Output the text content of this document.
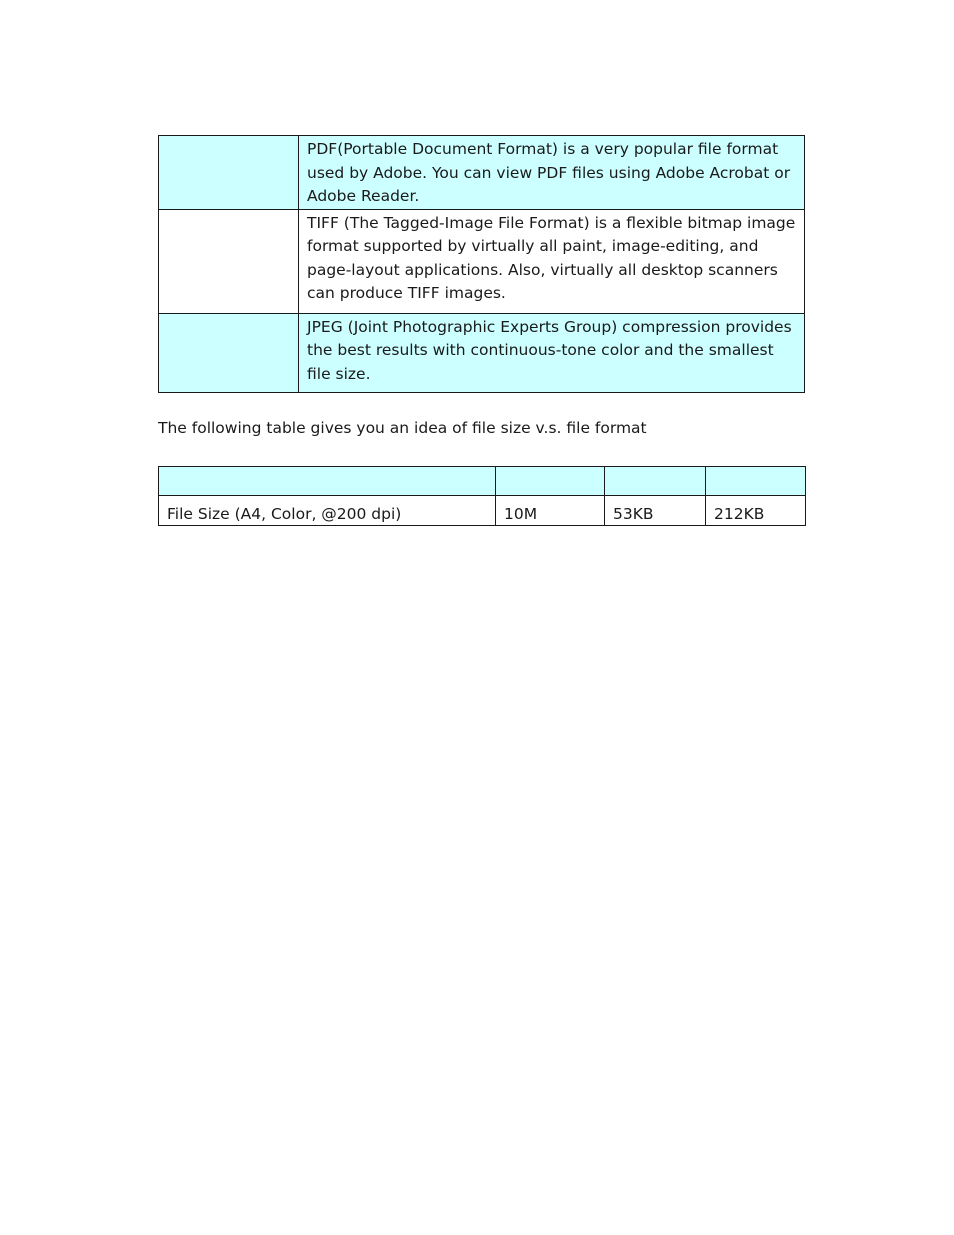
	PDF(Portable Document Format) is a very popular file format used by Adobe. You can view PDF files using Adobe Acrobat or Adobe Reader.
	TIFF (The Tagged-Image File Format) is a flexible bitmap image format supported by virtually all paint, image-editing, and page-layout applications. Also, virtually all desktop scanners can produce TIFF images.
	JPEG (Joint Photographic Experts Group) compression provides the best results with continuous-tone color and the smallest file size.

The following table gives you an idea of file size v.s. file format

File Size (A4, Color, @200 dpi)	10M	53KB	212KB
